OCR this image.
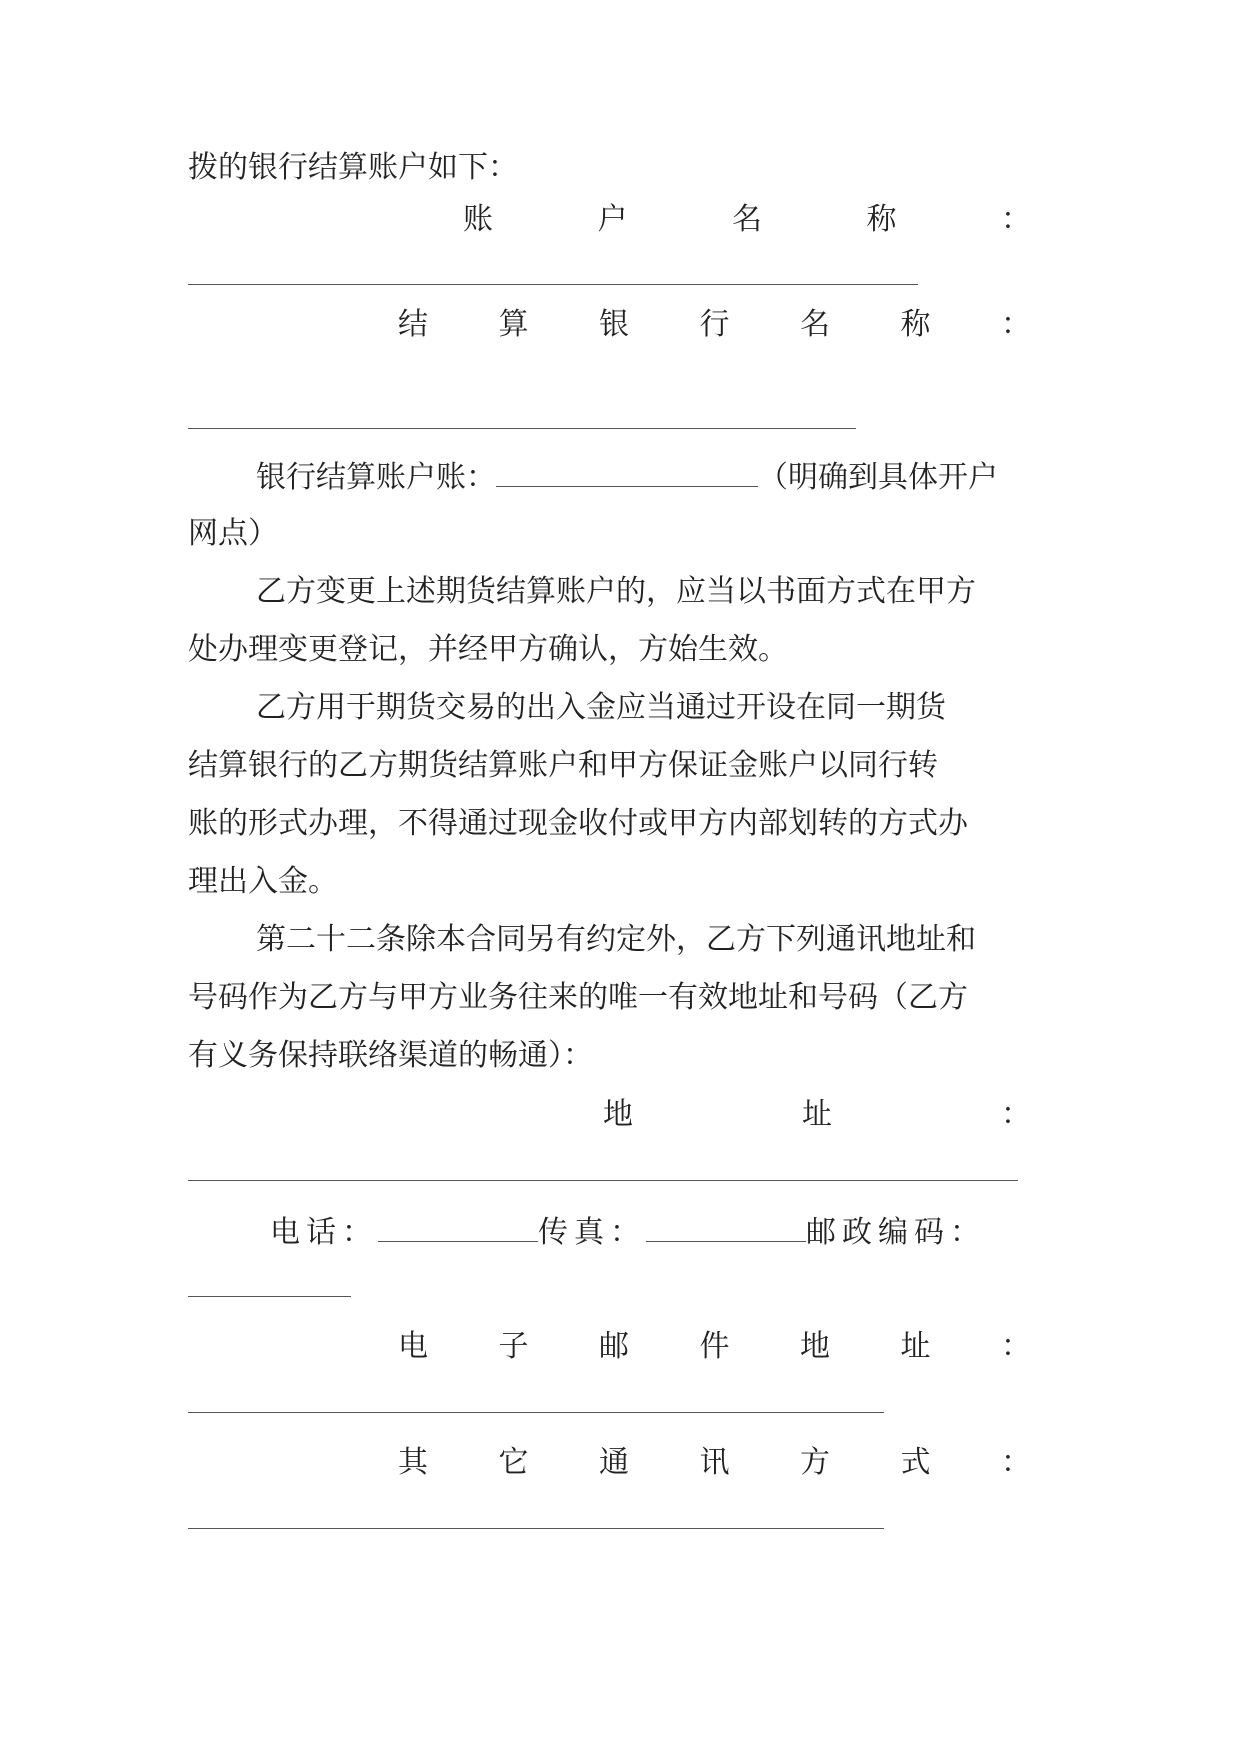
拨的银行结算账户如下：
账	户	名	称	：
结 算 银 行 名 称 ：
银行结算账户账：	（明确到具体开户
网点）
乙方变更上述期货结算账户的，应当以书面方式在甲方
处办理变更登记，并经甲方确认，方始生效。
乙方用于期货交易的出入金应当通过开设在同一期货
结算银行的乙方期货结算账户和甲方保证金账户以同行转
账的形式办理，不得通过现金收付或甲方内部划转的方式办
理出入金。
第二十二条除本合同另有约定外，乙方下列通讯地址和
号码作为乙方与甲方业务往来的唯一有效地址和号码（乙方
有义务保持联络渠道的畅通）：
地	址	：
电话：	传真：	邮政编码：
电 子 邮 件 地 址 ：
其 它 通 讯 方 式 ：
